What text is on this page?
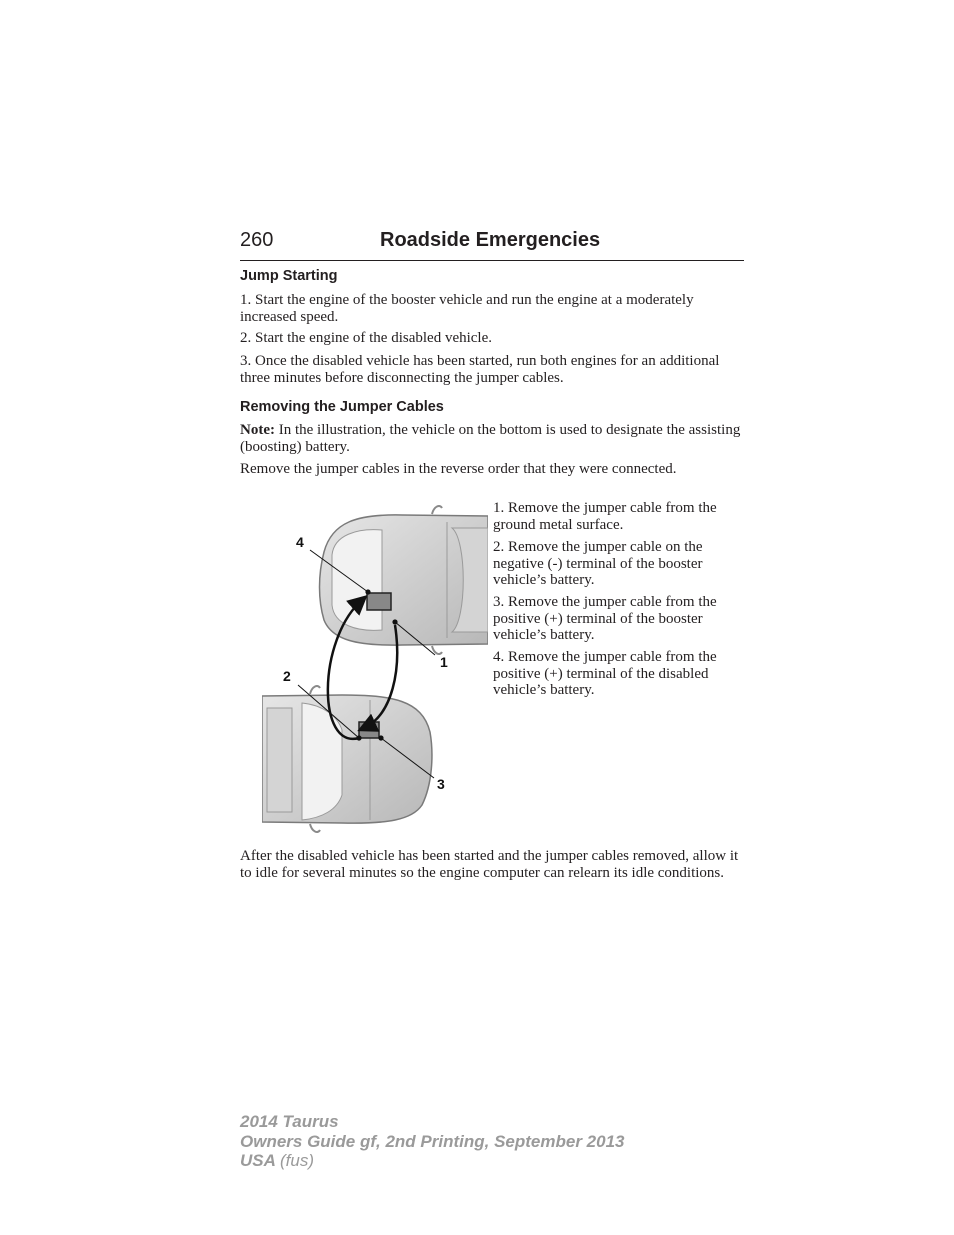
260	Roadside Emergencies
Jump Starting

1. Start the engine of the booster vehicle and run the engine at a moderately increased speed.

2. Start the engine of the disabled vehicle.

3. Once the disabled vehicle has been started, run both engines for an additional three minutes before disconnecting the jumper cables.

Removing the Jumper Cables

Note: In the illustration, the vehicle on the bottom is used to designate the assisting (boosting) battery.

Remove the jumper cables in the reverse order that they were connected.

1. Remove the jumper cable from the ground metal surface.

2. Remove the jumper cable on the negative (-) terminal of the booster vehicle’s battery.

3. Remove the jumper cable from the positive (+) terminal of the booster vehicle’s battery.

4. Remove the jumper cable from the positive (+) terminal of the disabled vehicle’s battery.

1
2
3
4

After the disabled vehicle has been started and the jumper cables removed, allow it to idle for several minutes so the engine computer can relearn its idle conditions.

2014 Taurus
Owners Guide gf, 2nd Printing, September 2013
USA (fus)
